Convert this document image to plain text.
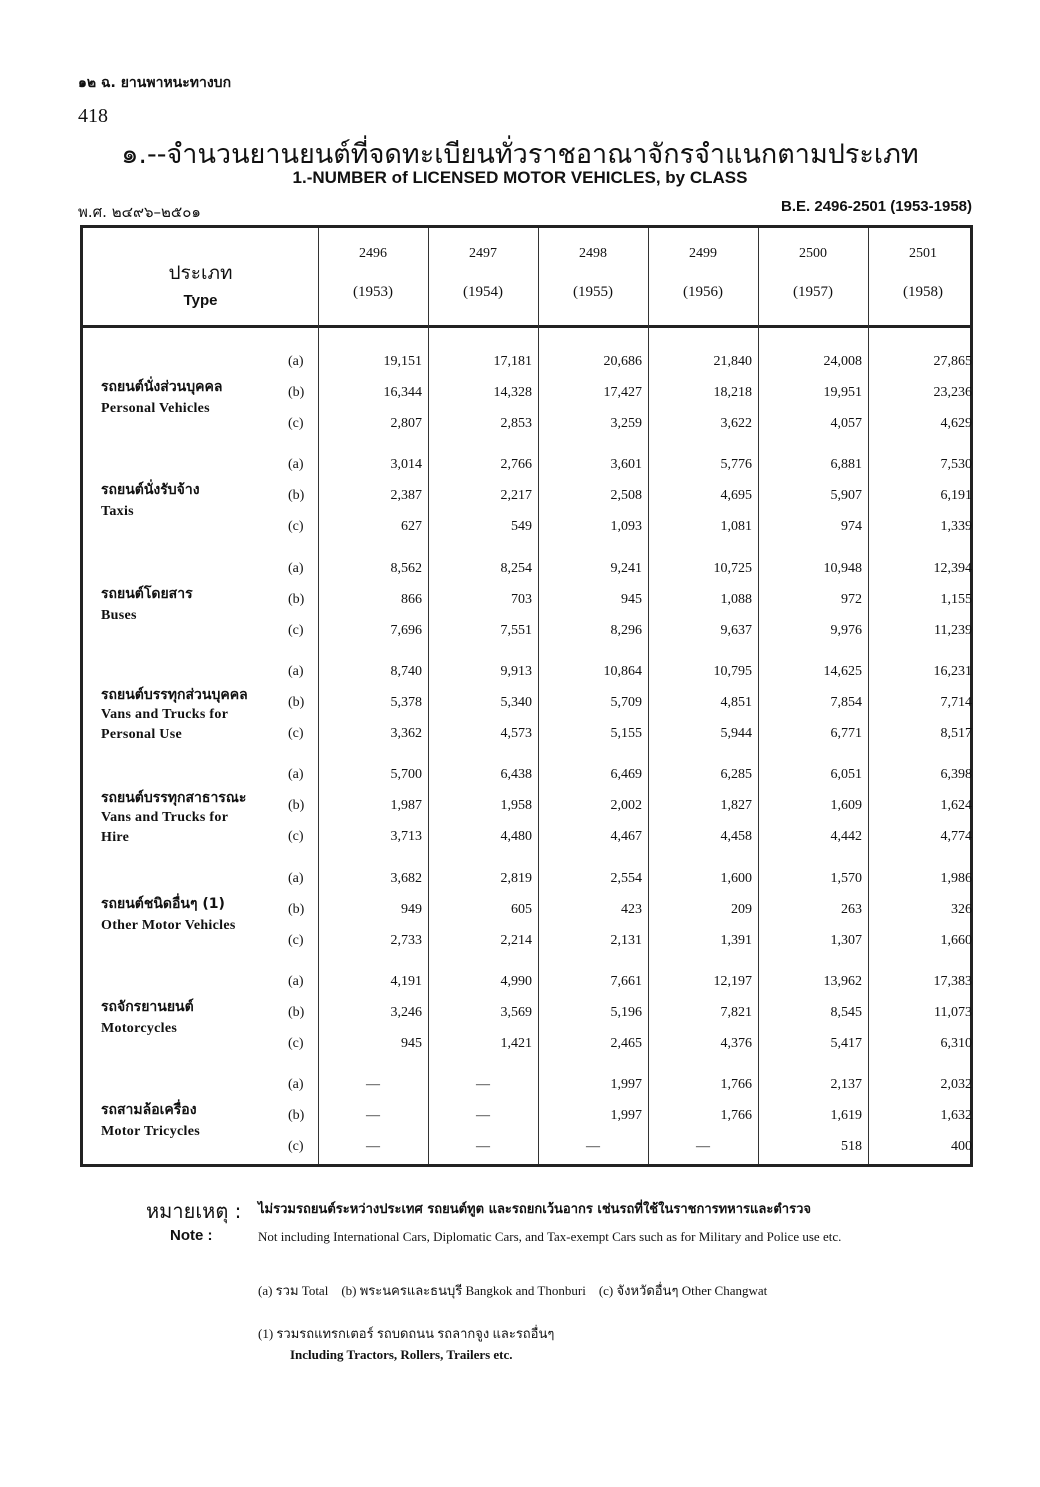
๑๒ ฉ. ยานพาหนะทางบก
418
๑.--จำนวนยานยนต์ที่จดทะเบียนทั่วราชอาณาจักรจำแนกตามประเภท
1.-NUMBER of LICENSED MOTOR VEHICLES, by CLASS
พ.ศ. ๒๔๙๖–๒๕๐๑	B.E. 2496-2501 (1953-1958)
ประเภท
Type
2496
(1953)
2497
(1954)
2498
(1955)
2499
(1956)
2500
(1957)
2501
(1958)
รถยนต์นั่งส่วนบุคคล
Personal Vehicles
(a)	19,151	17,181	20,686	21,840	24,008	27,865
(b)	16,344	14,328	17,427	18,218	19,951	23,236
(c)	2,807	2,853	3,259	3,622	4,057	4,629
รถยนต์นั่งรับจ้าง
Taxis
(a)	3,014	2,766	3,601	5,776	6,881	7,530
(b)	2,387	2,217	2,508	4,695	5,907	6,191
(c)	627	549	1,093	1,081	974	1,339
รถยนต์โดยสาร
Buses
(a)	8,562	8,254	9,241	10,725	10,948	12,394
(b)	866	703	945	1,088	972	1,155
(c)	7,696	7,551	8,296	9,637	9,976	11,239
รถยนต์บรรทุกส่วนบุคคล
Vans and Trucks for
Personal Use
(a)	8,740	9,913	10,864	10,795	14,625	16,231
(b)	5,378	5,340	5,709	4,851	7,854	7,714
(c)	3,362	4,573	5,155	5,944	6,771	8,517
รถยนต์บรรทุกสาธารณะ
Vans and Trucks for
Hire
(a)	5,700	6,438	6,469	6,285	6,051	6,398
(b)	1,987	1,958	2,002	1,827	1,609	1,624
(c)	3,713	4,480	4,467	4,458	4,442	4,774
รถยนต์ชนิดอื่นๆ (1)
Other Motor Vehicles
(a)	3,682	2,819	2,554	1,600	1,570	1,986
(b)	949	605	423	209	263	326
(c)	2,733	2,214	2,131	1,391	1,307	1,660
รถจักรยานยนต์
Motorcycles
(a)	4,191	4,990	7,661	12,197	13,962	17,383
(b)	3,246	3,569	5,196	7,821	8,545	11,073
(c)	945	1,421	2,465	4,376	5,417	6,310
รถสามล้อเครื่อง
Motor Tricycles
(a)	—	—	1,997	1,766	2,137	2,032
(b)	—	—	1,997	1,766	1,619	1,632
(c)	—	—	—	—	518	400
หมายเหตุ : ไม่รวมรถยนต์ระหว่างประเทศ รถยนต์ทูต และรถยกเว้นอากร เช่นรถที่ใช้ในราชการทหารและตำรวจ
Note :	Not including International Cars, Diplomatic Cars, and Tax-exempt Cars such as for Military and Police use etc.
(a) รวม Total (b) พระนครและธนบุรี Bangkok and Thonburi (c) จังหวัดอื่นๆ Other Changwat
(1) รวมรถแทรกเตอร์ รถบดถนน รถลากจูง และรถอื่นๆ
Including Tractors, Rollers, Trailers etc.
